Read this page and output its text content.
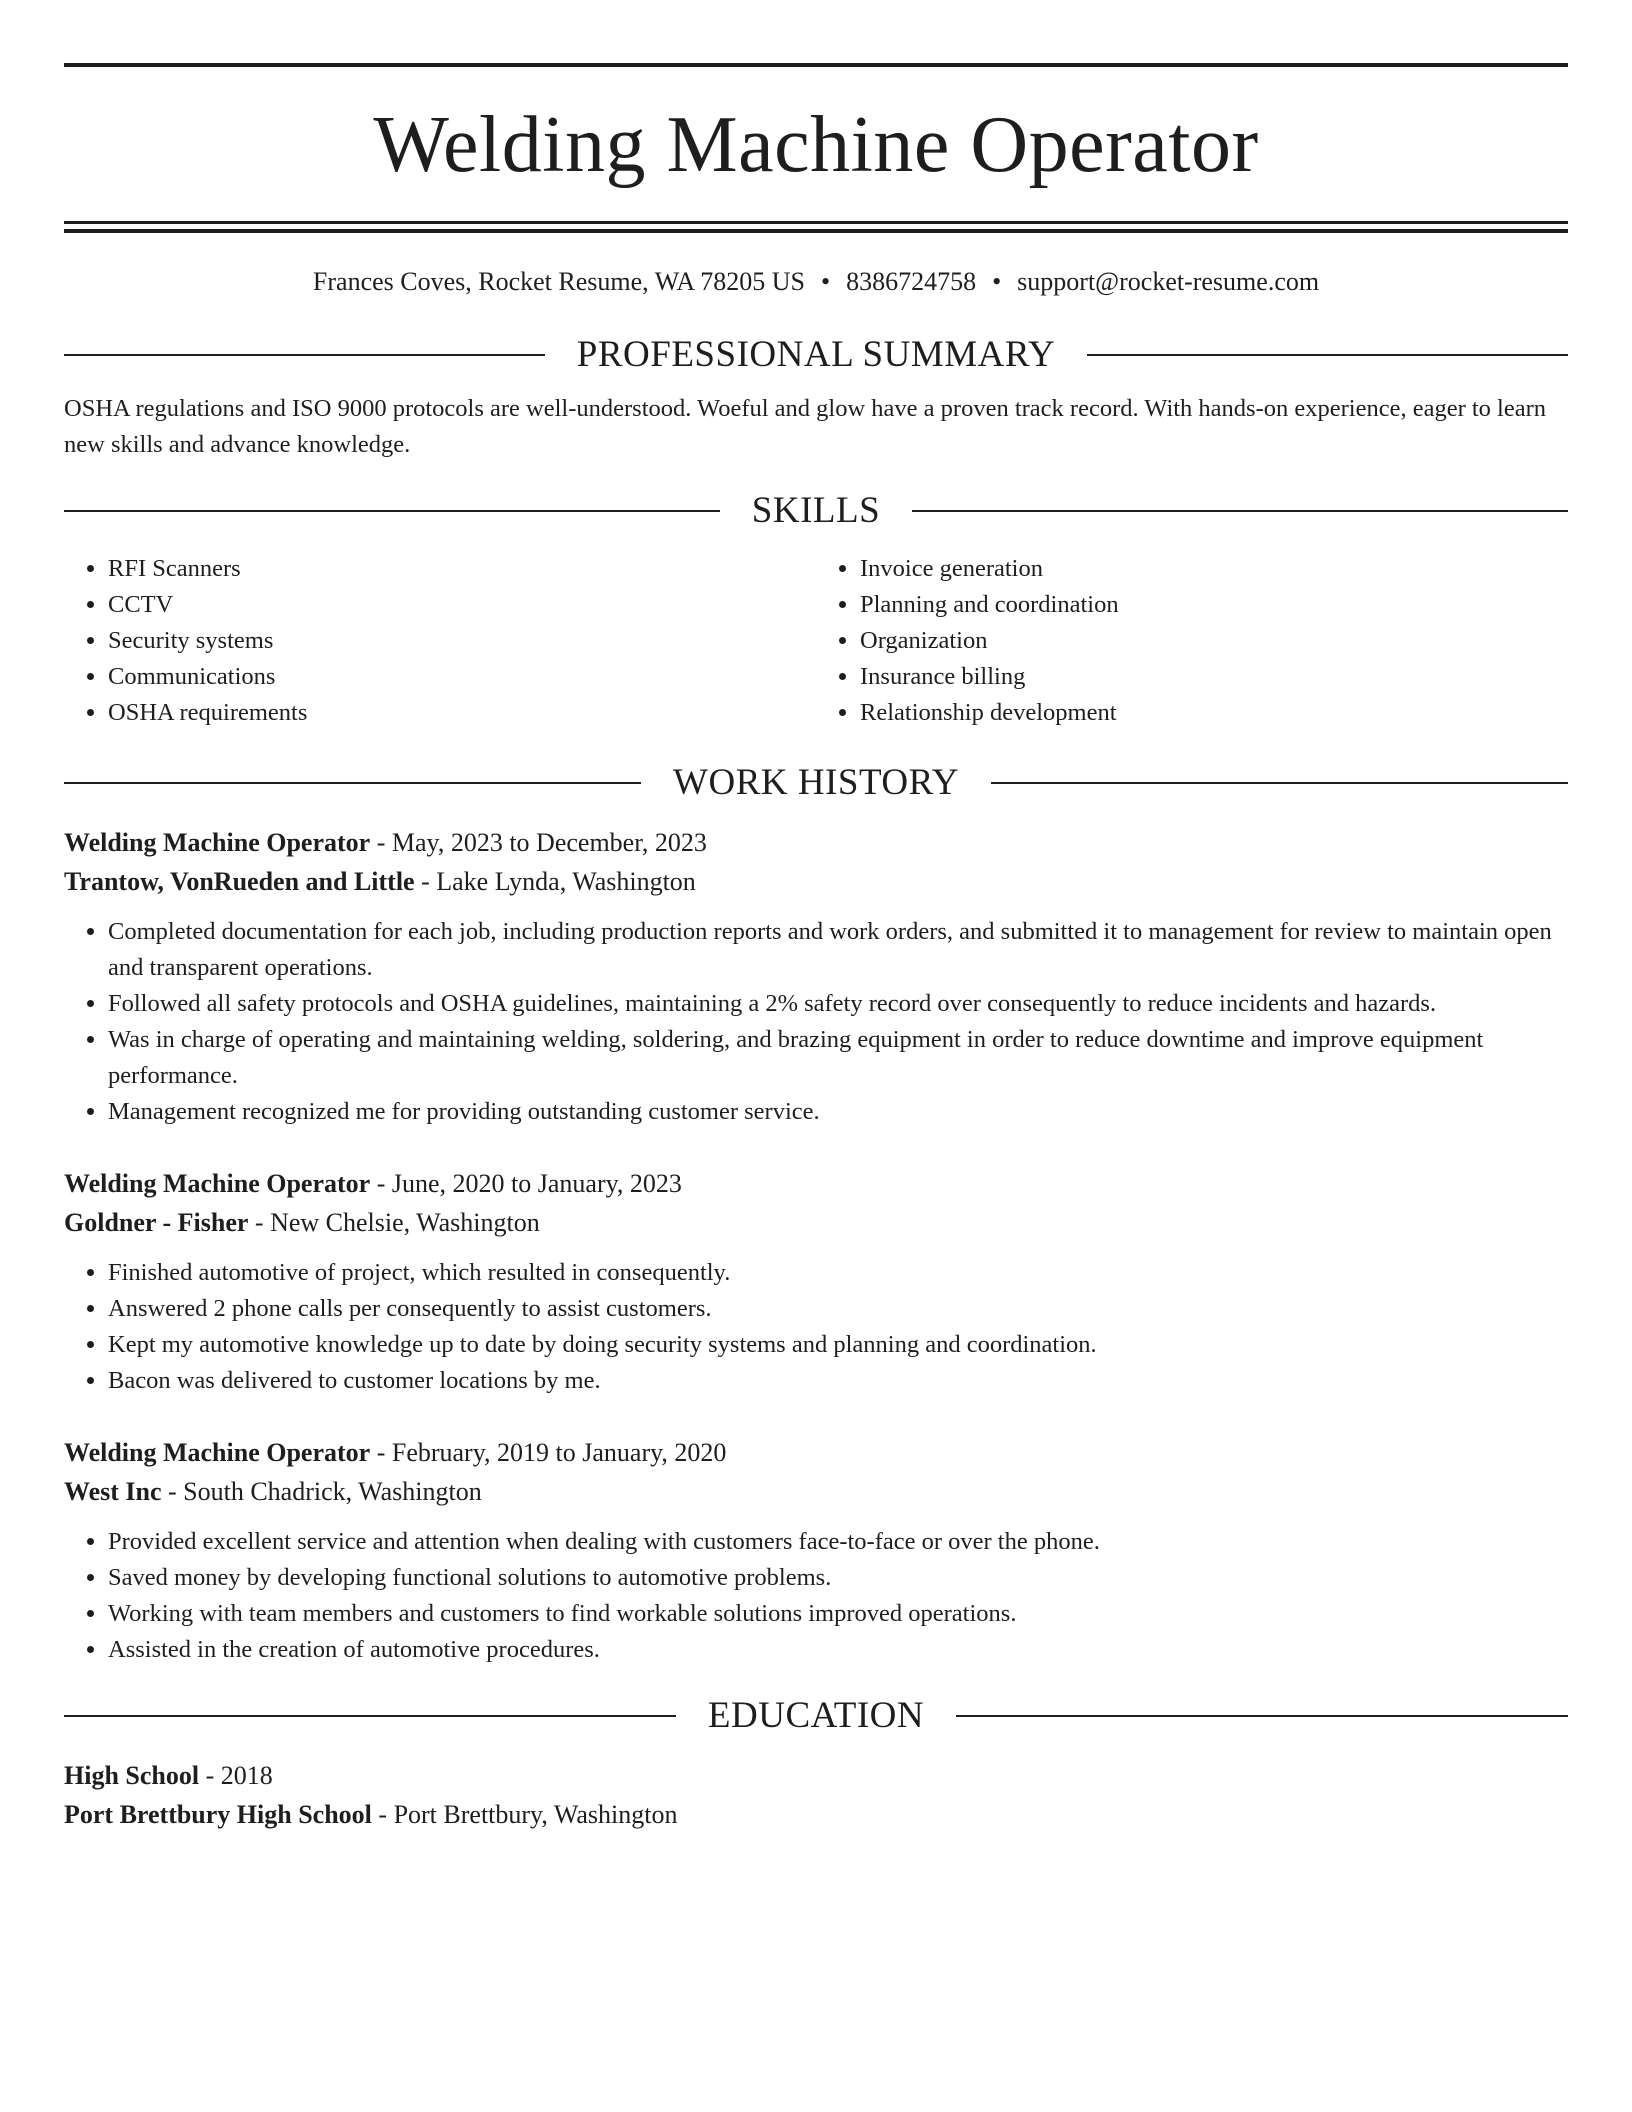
Welding Machine Operator
Frances Coves, Rocket Resume, WA 78205 US • 8386724758 • support@rocket-resume.com
PROFESSIONAL SUMMARY

OSHA regulations and ISO 9000 protocols are well-understood. Woeful and glow have a proven track record. With hands-on experience, eager to learn new skills and advance knowledge.

SKILLS
• RFI Scanners
• CCTV
• Security systems
• Communications
• OSHA requirements
• Invoice generation
• Planning and coordination
• Organization
• Insurance billing
• Relationship development
WORK HISTORY
Welding Machine Operator - May, 2023 to December, 2023
Trantow, VonRueden and Little - Lake Lynda, Washington
• Completed documentation for each job, including production reports and work orders, and submitted it to management for review to maintain open and transparent operations.
• Followed all safety protocols and OSHA guidelines, maintaining a 2% safety record over consequently to reduce incidents and hazards.
• Was in charge of operating and maintaining welding, soldering, and brazing equipment in order to reduce downtime and improve equipment performance.
• Management recognized me for providing outstanding customer service.
Welding Machine Operator - June, 2020 to January, 2023
Goldner - Fisher - New Chelsie, Washington
• Finished automotive of project, which resulted in consequently.
• Answered 2 phone calls per consequently to assist customers.
• Kept my automotive knowledge up to date by doing security systems and planning and coordination.
• Bacon was delivered to customer locations by me.
Welding Machine Operator - February, 2019 to January, 2020
West Inc - South Chadrick, Washington
• Provided excellent service and attention when dealing with customers face-to-face or over the phone.
• Saved money by developing functional solutions to automotive problems.
• Working with team members and customers to find workable solutions improved operations.
• Assisted in the creation of automotive procedures.
EDUCATION
High School - 2018
Port Brettbury High School - Port Brettbury, Washington
